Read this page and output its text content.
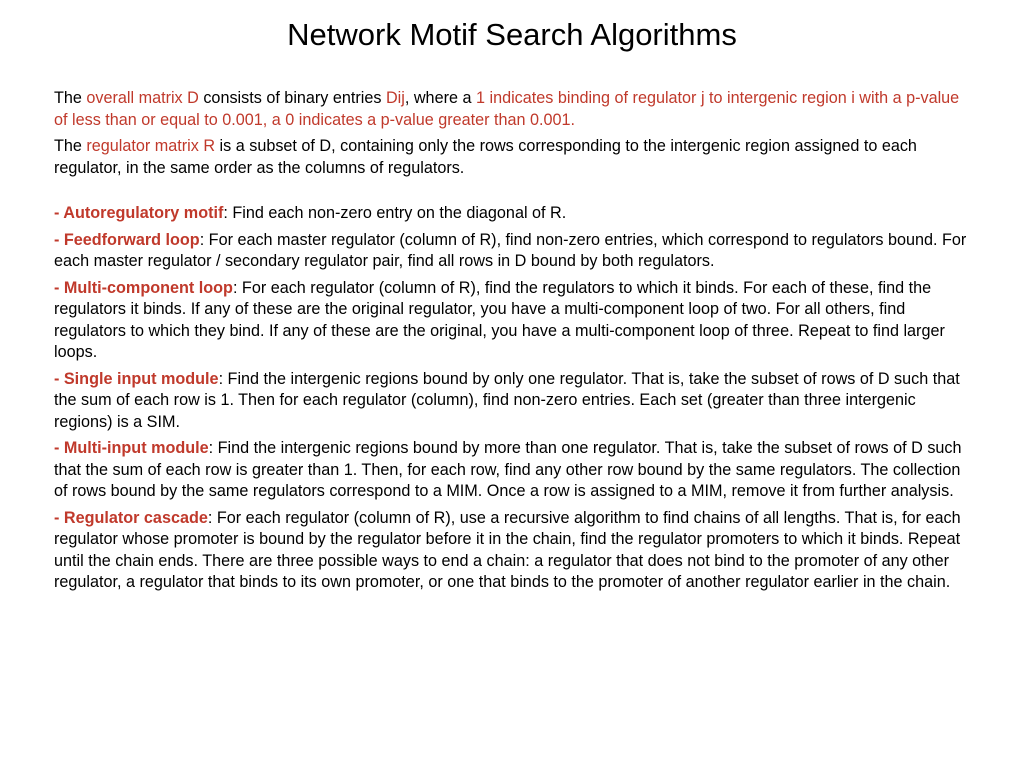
Network Motif Search Algorithms

The overall matrix D consists of binary entries Dij, where a 1 indicates binding of regulator j to intergenic region i with a p-value of less than or equal to 0.001, a 0 indicates a p-value greater than 0.001.

The regulator matrix R is a subset of D, containing only the rows corresponding to the intergenic region assigned to each regulator, in the same order as the columns of regulators.

- Autoregulatory motif: Find each non-zero entry on the diagonal of R.

- Feedforward loop: For each master regulator (column of R), find non-zero entries, which correspond to regulators bound. For each master regulator / secondary regulator pair, find all rows in D bound by both regulators.

- Multi-component loop: For each regulator (column of R), find the regulators to which it binds. For each of these, find the regulators it binds. If any of these are the original regulator, you have a multi-component loop of two. For all others, find regulators to which they bind. If any of these are the original, you have a multi-component loop of three. Repeat to find larger loops.

- Single input module: Find the intergenic regions bound by only one regulator. That is, take the subset of rows of D such that the sum of each row is 1. Then for each regulator (column), find non-zero entries. Each set (greater than three intergenic regions) is a SIM.

- Multi-input module: Find the intergenic regions bound by more than one regulator. That is, take the subset of rows of D such that the sum of each row is greater than 1. Then, for each row, find any other row bound by the same regulators. The collection of rows bound by the same regulators correspond to a MIM. Once a row is assigned to a MIM, remove it from further analysis.

- Regulator cascade: For each regulator (column of R), use a recursive algorithm to find chains of all lengths. That is, for each regulator whose promoter is bound by the regulator before it in the chain, find the regulator promoters to which it binds. Repeat until the chain ends. There are three possible ways to end a chain: a regulator that does not bind to the promoter of any other regulator, a regulator that binds to its own promoter, or one that binds to the promoter of another regulator earlier in the chain.
